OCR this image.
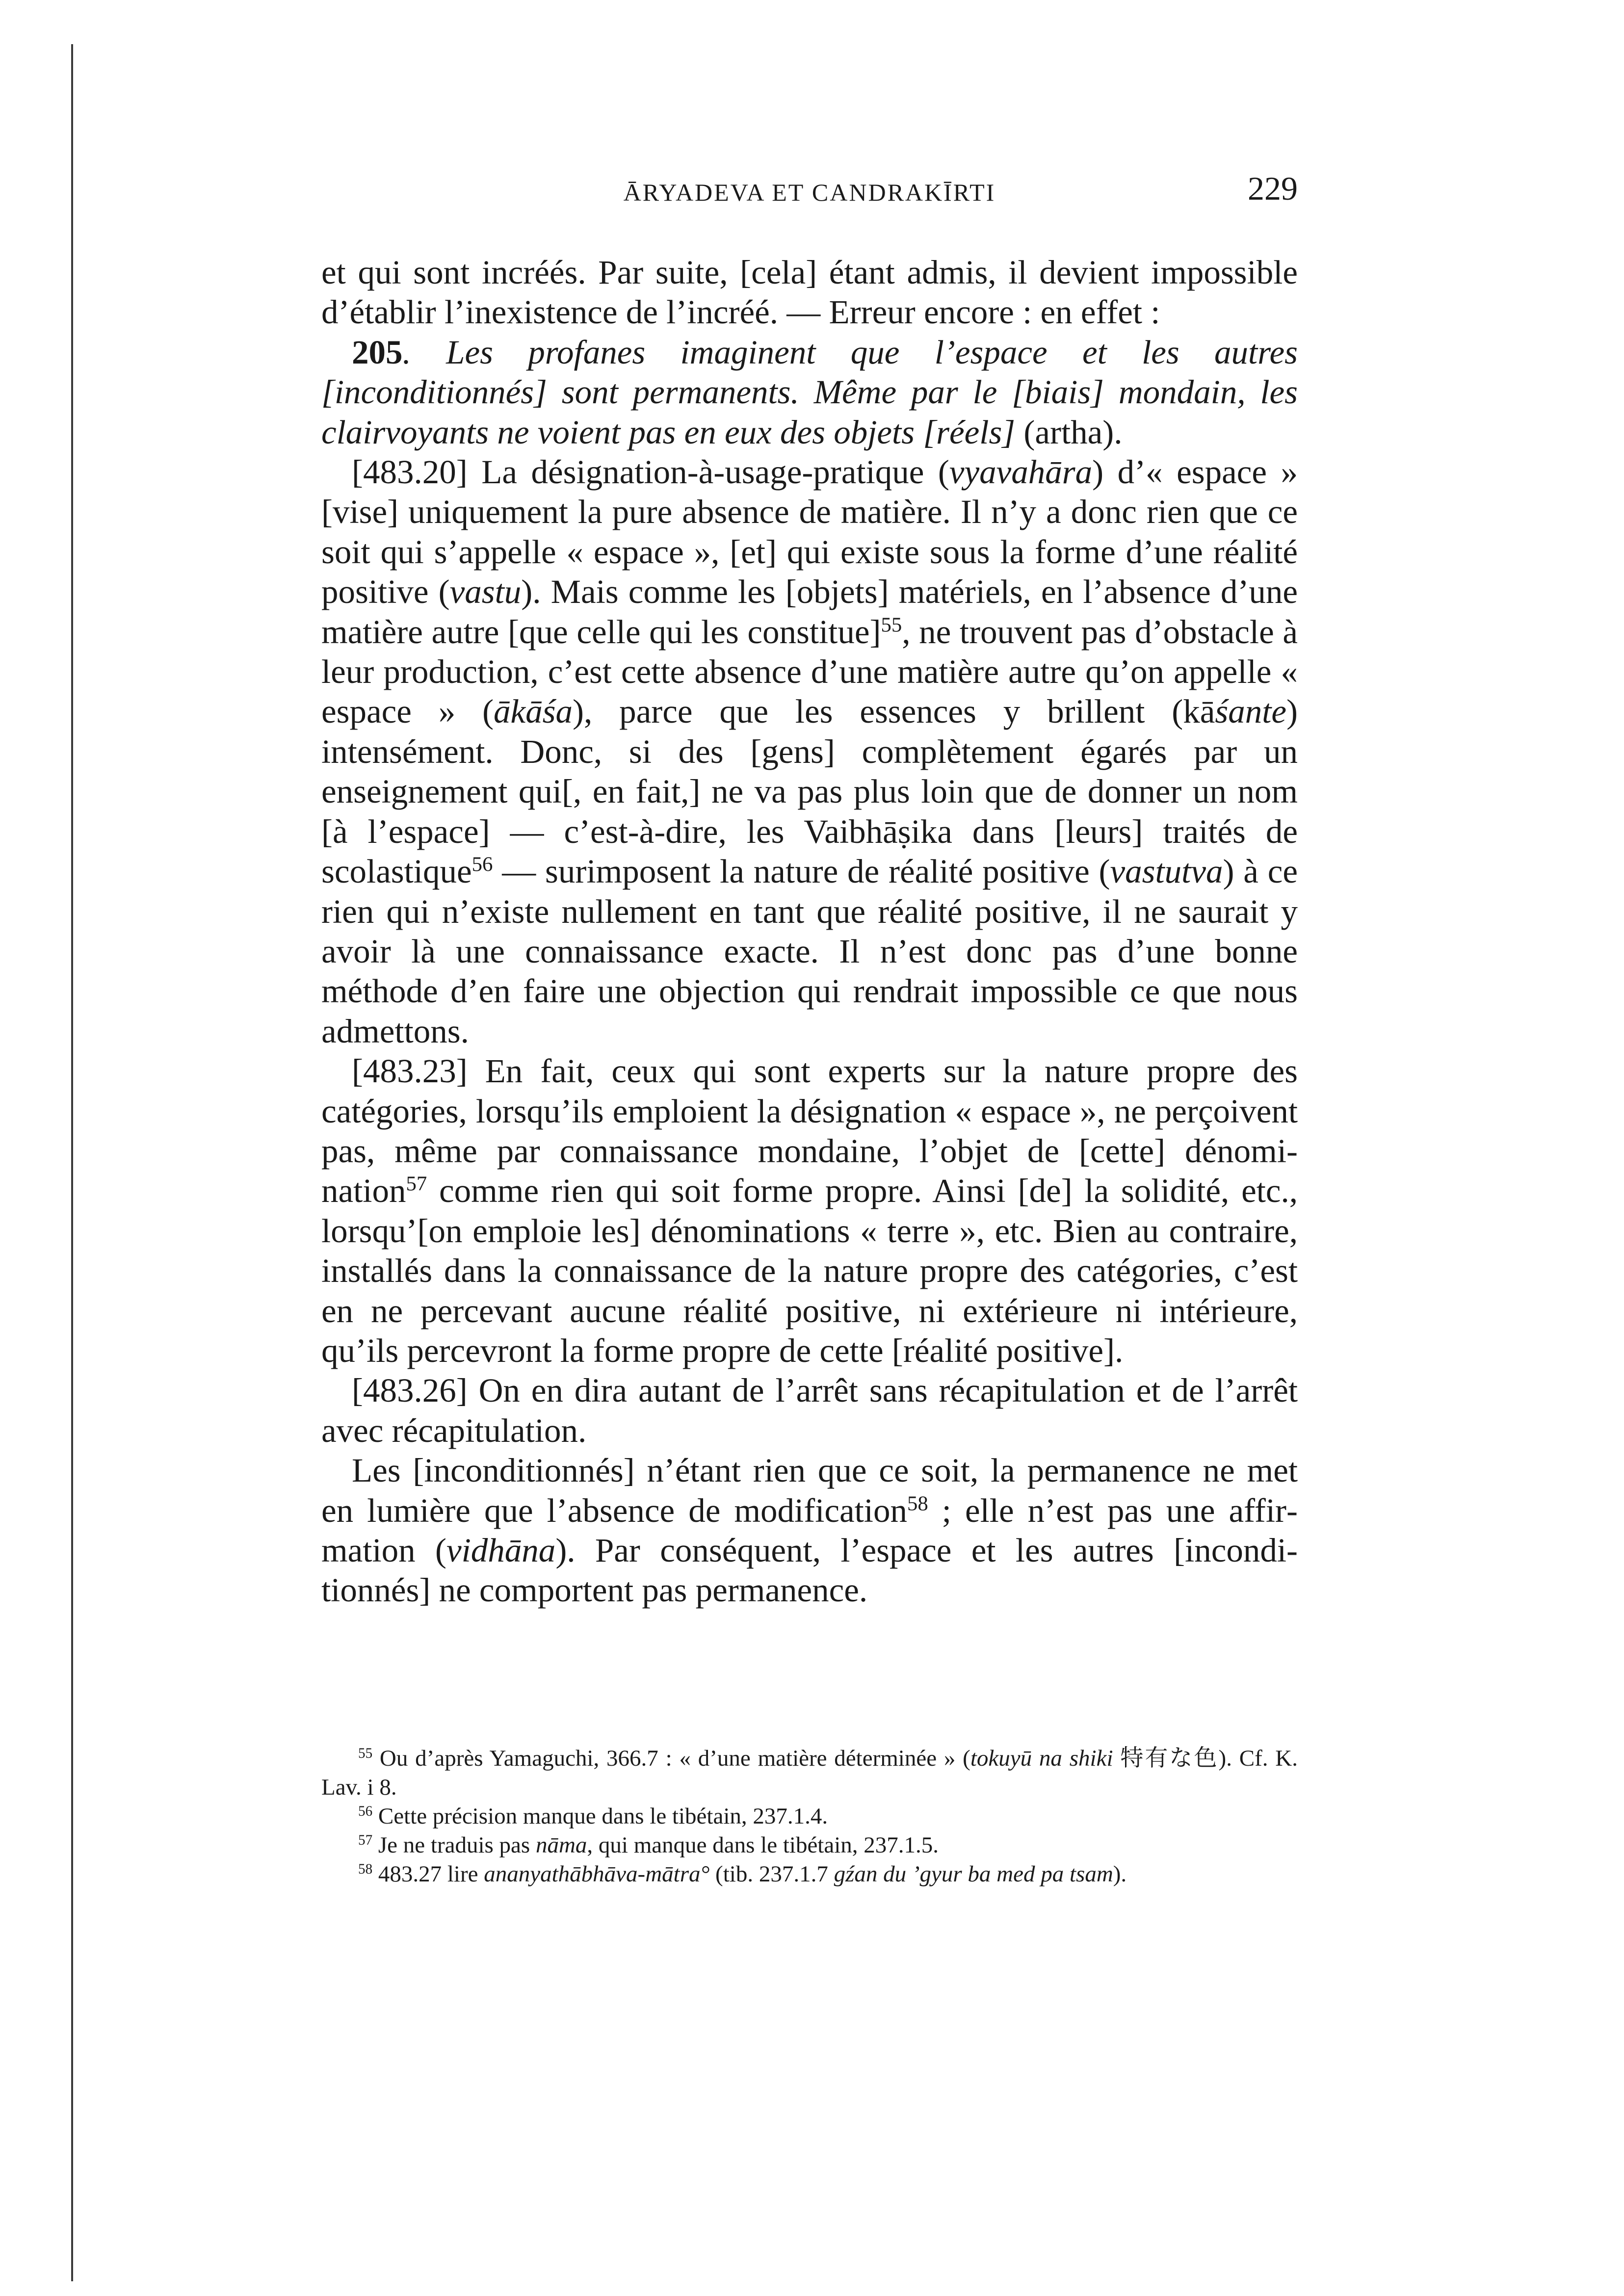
ĀRYADEVA ET CANDRAKĪRTI	229

et qui sont incréés. Par suite, [cela] étant admis, il devient impossible d’établir l’inexistence de l’incréé. — Erreur encore : en effet :

205. Les profanes imaginent que l’espace et les autres [inconditionnés] sont permanents. Même par le [biais] mondain, les clairvoyants ne voient pas en eux des objets [réels] (artha).

[483.20] La désignation-à-usage-pratique (vyavahāra) d’« espace » [vise] uniquement la pure absence de matière. Il n’y a donc rien que ce soit qui s’appelle « espace », [et] qui existe sous la forme d’une réalité positive (vastu). Mais comme les [objets] matériels, en l’absence d’une matière autre [que celle qui les constitue]$^{55}$, ne trouvent pas d’obstacle à leur production, c’est cette absence d’une matière autre qu’on appelle « espace » (ākāśa), parce que les essences y brillent (kāśante) intensément. Donc, si des [gens] complètement égarés par un enseignement qui[, en fait,] ne va pas plus loin que de donner un nom [à l’espace] — c’est-à-dire, les Vaibhāṣika dans [leurs] traités de scolastique$^{56}$ — surimposent la nature de réalité positive (vastutva) à ce rien qui n’existe nullement en tant que réalité positive, il ne saurait y avoir là une connaissance exacte. Il n’est donc pas d’une bonne méthode d’en faire une objection qui rendrait impossible ce que nous admettons.

[483.23] En fait, ceux qui sont experts sur la nature propre des catégories, lorsqu’ils emploient la désignation « espace », ne perçoivent pas, même par connaissance mondaine, l’objet de [cette] dénomination$^{57}$ comme rien qui soit forme propre. Ainsi [de] la solidité, etc., lorsqu’[on emploie les] dénominations « terre », etc. Bien au contraire, installés dans la connaissance de la nature propre des catégories, c’est en ne percevant aucune réalité positive, ni extérieure ni intérieure, qu’ils percevront la forme propre de cette [réalité positive].

[483.26] On en dira autant de l’arrêt sans récapitulation et de l’arrêt avec récapitulation.

Les [inconditionnés] n’étant rien que ce soit, la permanence ne met en lumière que l’absence de modification$^{58}$ ; elle n’est pas une affirmation (vidhāna). Par conséquent, l’espace et les autres [inconditionnés] ne comportent pas permanence.

$^{55}$ Ou d’après Yamaguchi, 366.7 : « d’une matière déterminée » (tokuyū na shiki 特有な色). Cf. K. Lav. i 8.

$^{56}$ Cette précision manque dans le tibétain, 237.1.4.

$^{57}$ Je ne traduis pas nāma, qui manque dans le tibétain, 237.1.5.

$^{58}$ 483.27 lire ananyathābhāva-mātra° (tib. 237.1.7 gźan du ’gyur ba med pa tsam).
